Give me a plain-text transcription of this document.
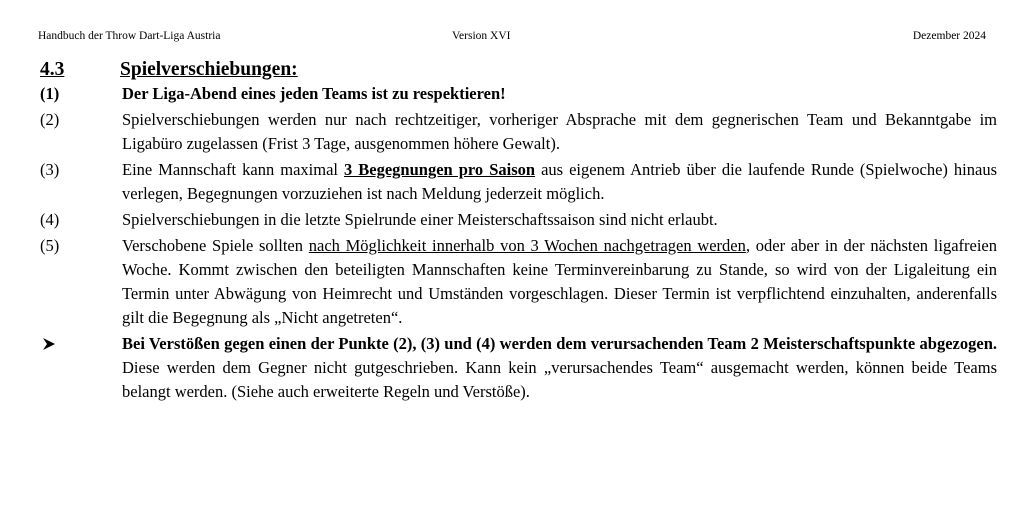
Handbuch der Throw Dart-Liga Austria	Version XVI	Dezember 2024
4.3	Spielverschiebungen:
(1)	Der Liga-Abend eines jeden Teams ist zu respektieren!

(2)	Spielverschiebungen werden nur nach rechtzeitiger, vorheriger Absprache mit dem gegnerischen Team und Bekanntgabe im Ligabüro zugelassen (Frist 3 Tage, ausgenommen höhere Gewalt).

(3)	Eine Mannschaft kann maximal 3 Begegnungen pro Saison aus eigenem Antrieb über die laufende Runde (Spielwoche) hinaus verlegen, Begegnungen vorzuziehen ist nach Meldung jederzeit möglich.

(4)	Spielverschiebungen in die letzte Spielrunde einer Meisterschaftssaison sind nicht erlaubt.

(5)	Verschobene Spiele sollten nach Möglichkeit innerhalb von 3 Wochen nachgetragen werden, oder aber in der nächsten ligafreien Woche. Kommt zwischen den beteiligten Mannschaften keine Terminvereinbarung zu Stande, so wird von der Ligaleitung ein Termin unter Abwägung von Heimrecht und Umständen vorgeschlagen. Dieser Termin ist verpflichtend einzuhalten, anderenfalls gilt die Begegnung als „Nicht angetreten“.

Bei Verstößen gegen einen der Punkte (2), (3) und (4) werden dem verursachenden Team 2 Meisterschaftspunkte abgezogen. Diese werden dem Gegner nicht gutgeschrieben. Kann kein „verursachendes Team“ ausgemacht werden, können beide Teams belangt werden. (Siehe auch erweiterte Regeln und Verstöße).
